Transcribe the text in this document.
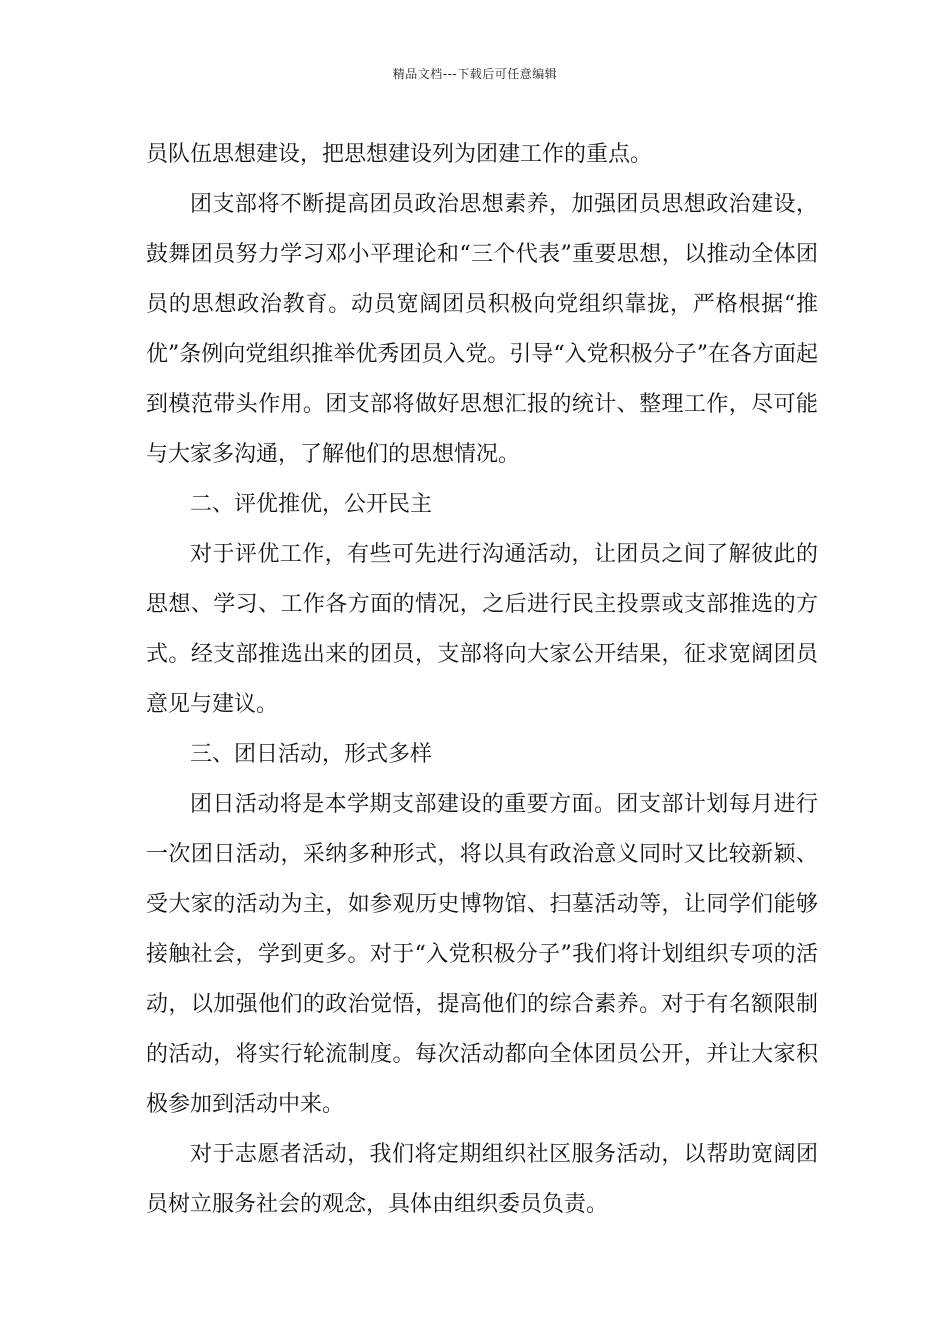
精品文档---下载后可任意编辑

员队伍思想建设，把思想建设列为团建工作的重点。

团支部将不断提高团员政治思想素养，加强团员思想政治建设，鼓舞团员努力学习邓小平理论和“三个代表”重要思想，以推动全体团员的思想政治教育。动员宽阔团员积极向党组织靠拢，严格根据“推优”条例向党组织推举优秀团员入党。引导“入党积极分子”在各方面起到模范带头作用。团支部将做好思想汇报的统计、整理工作，尽可能与大家多沟通，了解他们的思想情况。

二、评优推优，公开民主

对于评优工作，有些可先进行沟通活动，让团员之间了解彼此的思想、学习、工作各方面的情况，之后进行民主投票或支部推选的方式。经支部推选出来的团员，支部将向大家公开结果，征求宽阔团员意见与建议。

三、团日活动，形式多样

团日活动将是本学期支部建设的重要方面。团支部计划每月进行一次团日活动，采纳多种形式，将以具有政治意义同时又比较新颖、受大家的活动为主，如参观历史博物馆、扫墓活动等，让同学们能够接触社会，学到更多。对于“入党积极分子”我们将计划组织专项的活动，以加强他们的政治觉悟，提高他们的综合素养。对于有名额限制的活动，将实行轮流制度。每次活动都向全体团员公开，并让大家积极参加到活动中来。

对于志愿者活动，我们将定期组织社区服务活动，以帮助宽阔团员树立服务社会的观念，具体由组织委员负责。
